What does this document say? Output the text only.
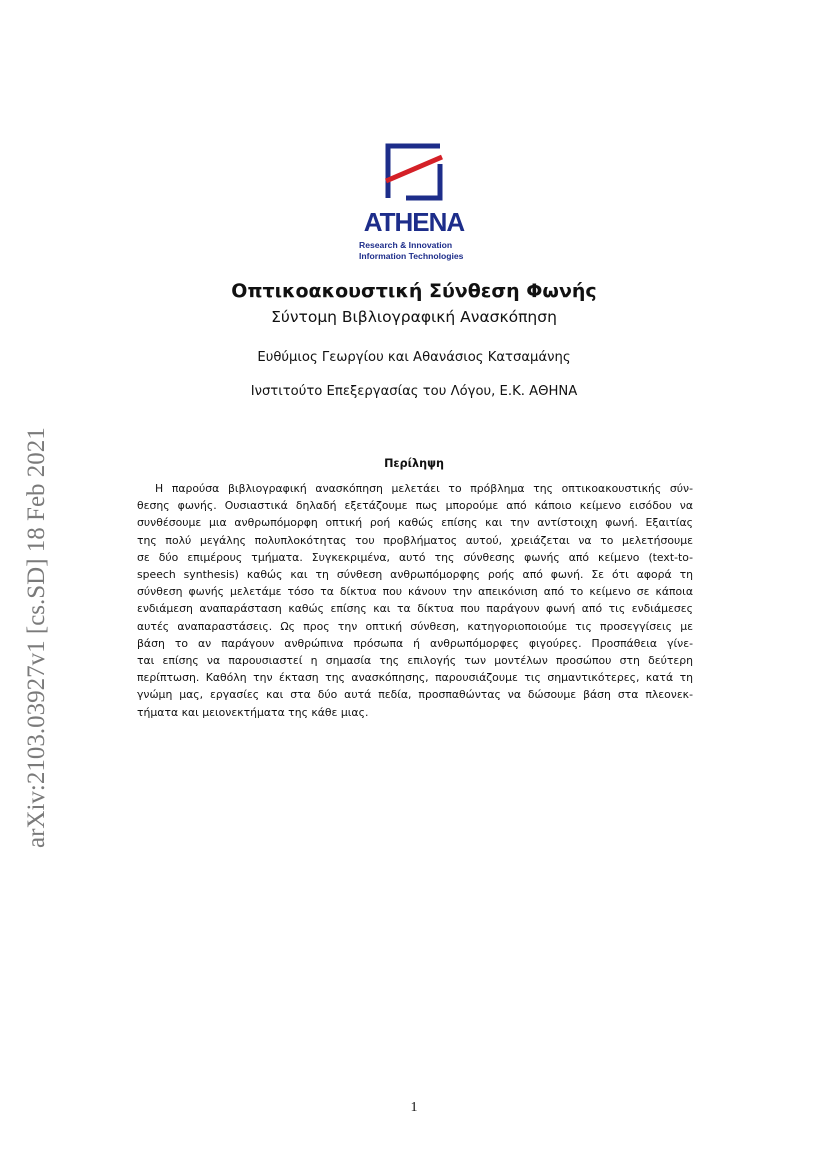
arXiv:2103.03927v1 [cs.SD] 18 Feb 2021
ATHENA
Research & Innovation
Information Technologies
Οπτικοακουστική Σύνθεση Φωνής
Σύντομη Βιβλιογραφική Ανασκόπηση
Ευθύμιος Γεωργίου και Αθανάσιος Κατσαμάνης
Ινστιτούτο Επεξεργασίας του Λόγου, Ε.Κ. ΑΘΗΝΑ
Περίληψη
Η παρούσα βιβλιογραφική ανασκόπηση μελετάει το πρόβλημα της οπτικοακουστικής σύν-
θεσης φωνής. Ουσιαστικά δηλαδή εξετάζουμε πως μπορούμε από κάποιο κείμενο εισόδου να
συνθέσουμε μια ανθρωπόμορφη οπτική ροή καθώς επίσης και την αντίστοιχη φωνή. Εξαιτίας
της πολύ μεγάλης πολυπλοκότητας του προβλήματος αυτού, χρειάζεται να το μελετήσουμε
σε δύο επιμέρους τμήματα. Συγκεκριμένα, αυτό της σύνθεσης φωνής από κείμενο (text-to-
speech synthesis) καθώς και τη σύνθεση ανθρωπόμορφης ροής από φωνή. Σε ότι αφορά τη
σύνθεση φωνής μελετάμε τόσο τα δίκτυα που κάνουν την απεικόνιση από το κείμενο σε κάποια
ενδιάμεση αναπαράσταση καθώς επίσης και τα δίκτυα που παράγουν φωνή από τις ενδιάμεσες
αυτές αναπαραστάσεις. Ως προς την οπτική σύνθεση, κατηγοριοποιούμε τις προσεγγίσεις με
βάση το αν παράγουν ανθρώπινα πρόσωπα ή ανθρωπόμορφες φιγούρες. Προσπάθεια γίνε-
ται επίσης να παρουσιαστεί η σημασία της επιλογής των μοντέλων προσώπου στη δεύτερη
περίπτωση. Καθόλη την έκταση της ανασκόπησης, παρουσιάζουμε τις σημαντικότερες, κατά τη
γνώμη μας, εργασίες και στα δύο αυτά πεδία, προσπαθώντας να δώσουμε βάση στα πλεονεκ-
τήματα και μειονεκτήματα της κάθε μιας.
1
